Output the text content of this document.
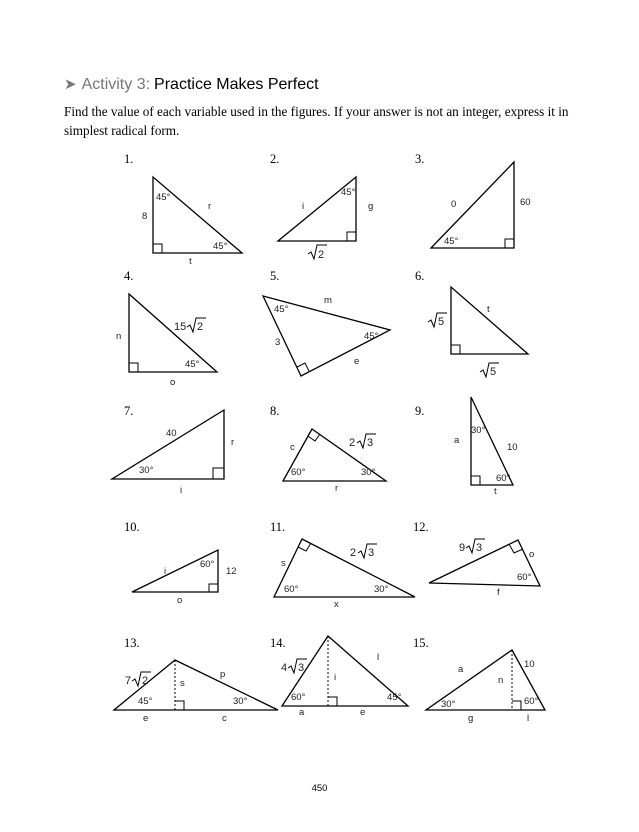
➤ Activity 3: Practice Makes Perfect
Find the value of each variable used in the figures. If your answer is not an integer, express it in simplest radical form.
1.	2.	3.
4.	5.	6.
7.	8.	9.
10.	11.	12.
13.	14.	15.
45°
r
8
45°
t
45°
i	g
2
0	60
45°
n
15 2
45°
o
m
45°
3
45°
e
t
5
5
40
r
30°
i
c	2 3
60°	30°
r
30°
a
10
60°
t
i
60°
12
o
s
2 3
60°	30°
x
9 3
o
60°
f
7 2
p
s
45°	30°
e	c
4 3
l
i
60°	45°
a	e
10
a
n
30°	60°
g	l
450
